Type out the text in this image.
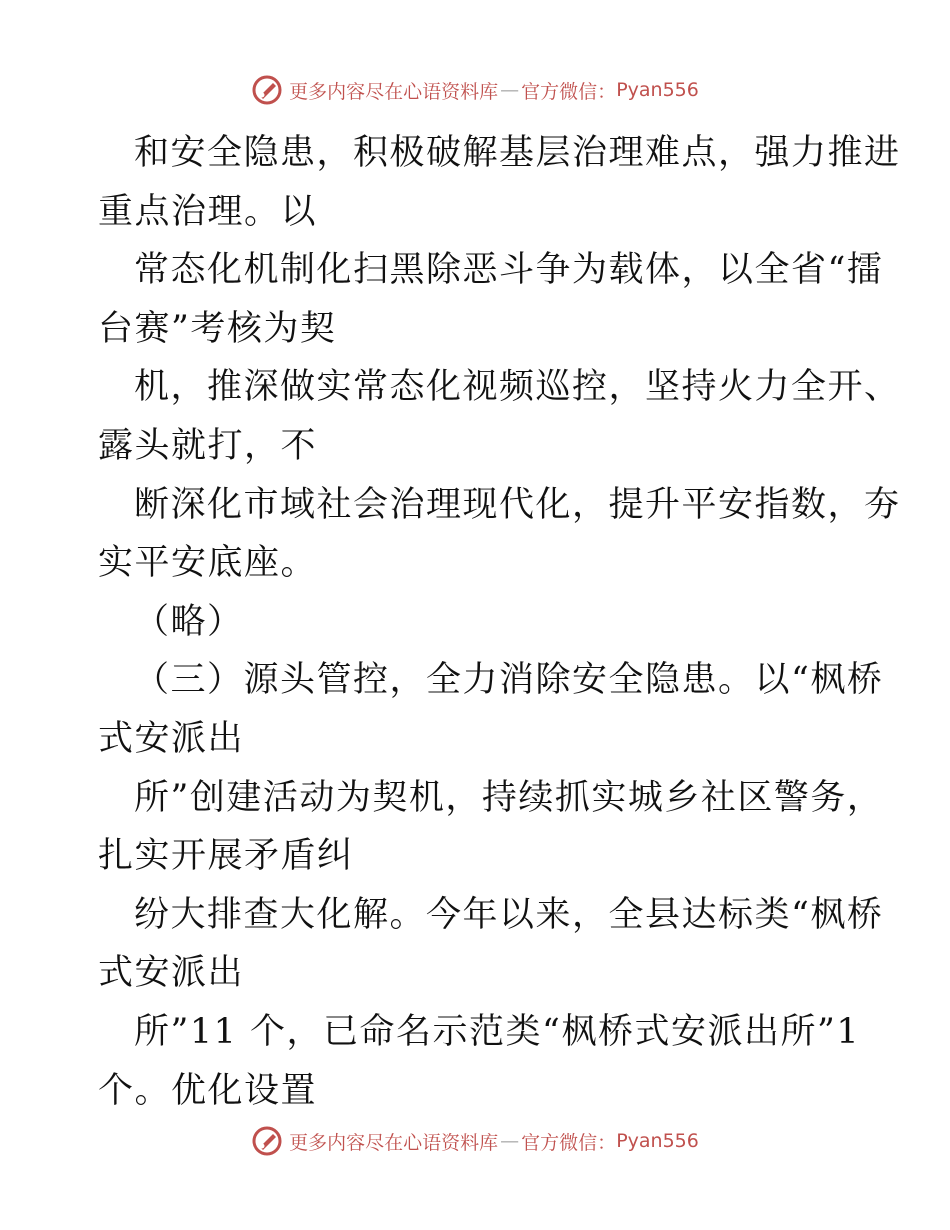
更多内容尽在心语资料库 — 官方微信： Pyan556
和安全隐患，积极破解基层治理难点，强力推进
重点治理。以
常态化机制化扫黑除恶斗争为载体，以全省“擂
台赛”考核为契
机，推深做实常态化视频巡控，坚持火力全开、
露头就打，不
断深化市域社会治理现代化，提升平安指数，夯
实平安底座。
（略）
（三）源头管控，全力消除安全隐患。以“枫桥
式安派出
所”创建活动为契机，持续抓实城乡社区警务，
扎实开展矛盾纠
纷大排查大化解。今年以来，全县达标类“枫桥
式安派出
所”11 个，已命名示范类“枫桥式安派出所”1
个。优化设置
更多内容尽在心语资料库 — 官方微信： Pyan556
